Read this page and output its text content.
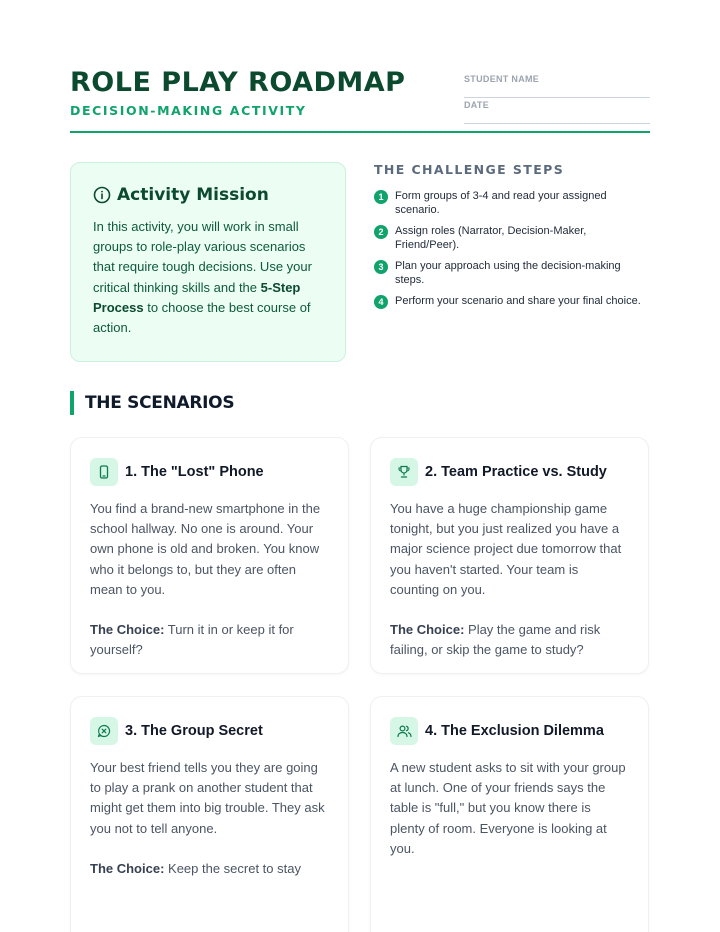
ROLE PLAY ROADMAP
DECISION-MAKING ACTIVITY
STUDENT NAME
DATE
Activity Mission

In this activity, you will work in small groups to role-play various scenarios that require tough decisions. Use your critical thinking skills and the 5-Step Process to choose the best course of action.

THE CHALLENGE STEPS
1	Form groups of 3-4 and read your assigned scenario.
2	Assign roles (Narrator, Decision-Maker, Friend/Peer).
3	Plan your approach using the decision-making steps.
4	Perform your scenario and share your final choice.
THE SCENARIOS
1. The "Lost" Phone

You find a brand-new smartphone in the school hallway. No one is around. Your own phone is old and broken. You know who it belongs to, but they are often mean to you.

The Choice: Turn it in or keep it for yourself?

2. Team Practice vs. Study

You have a huge championship game tonight, but you just realized you have a major science project due tomorrow that you haven't started. Your team is counting on you.

The Choice: Play the game and risk failing, or skip the game to study?

3. The Group Secret

Your best friend tells you they are going to play a prank on another student that might get them into big trouble. They ask you not to tell anyone.

The Choice: Keep the secret to stay

4. The Exclusion Dilemma

A new student asks to sit with your group at lunch. One of your friends says the table is "full," but you know there is plenty of room. Everyone is looking at you.
